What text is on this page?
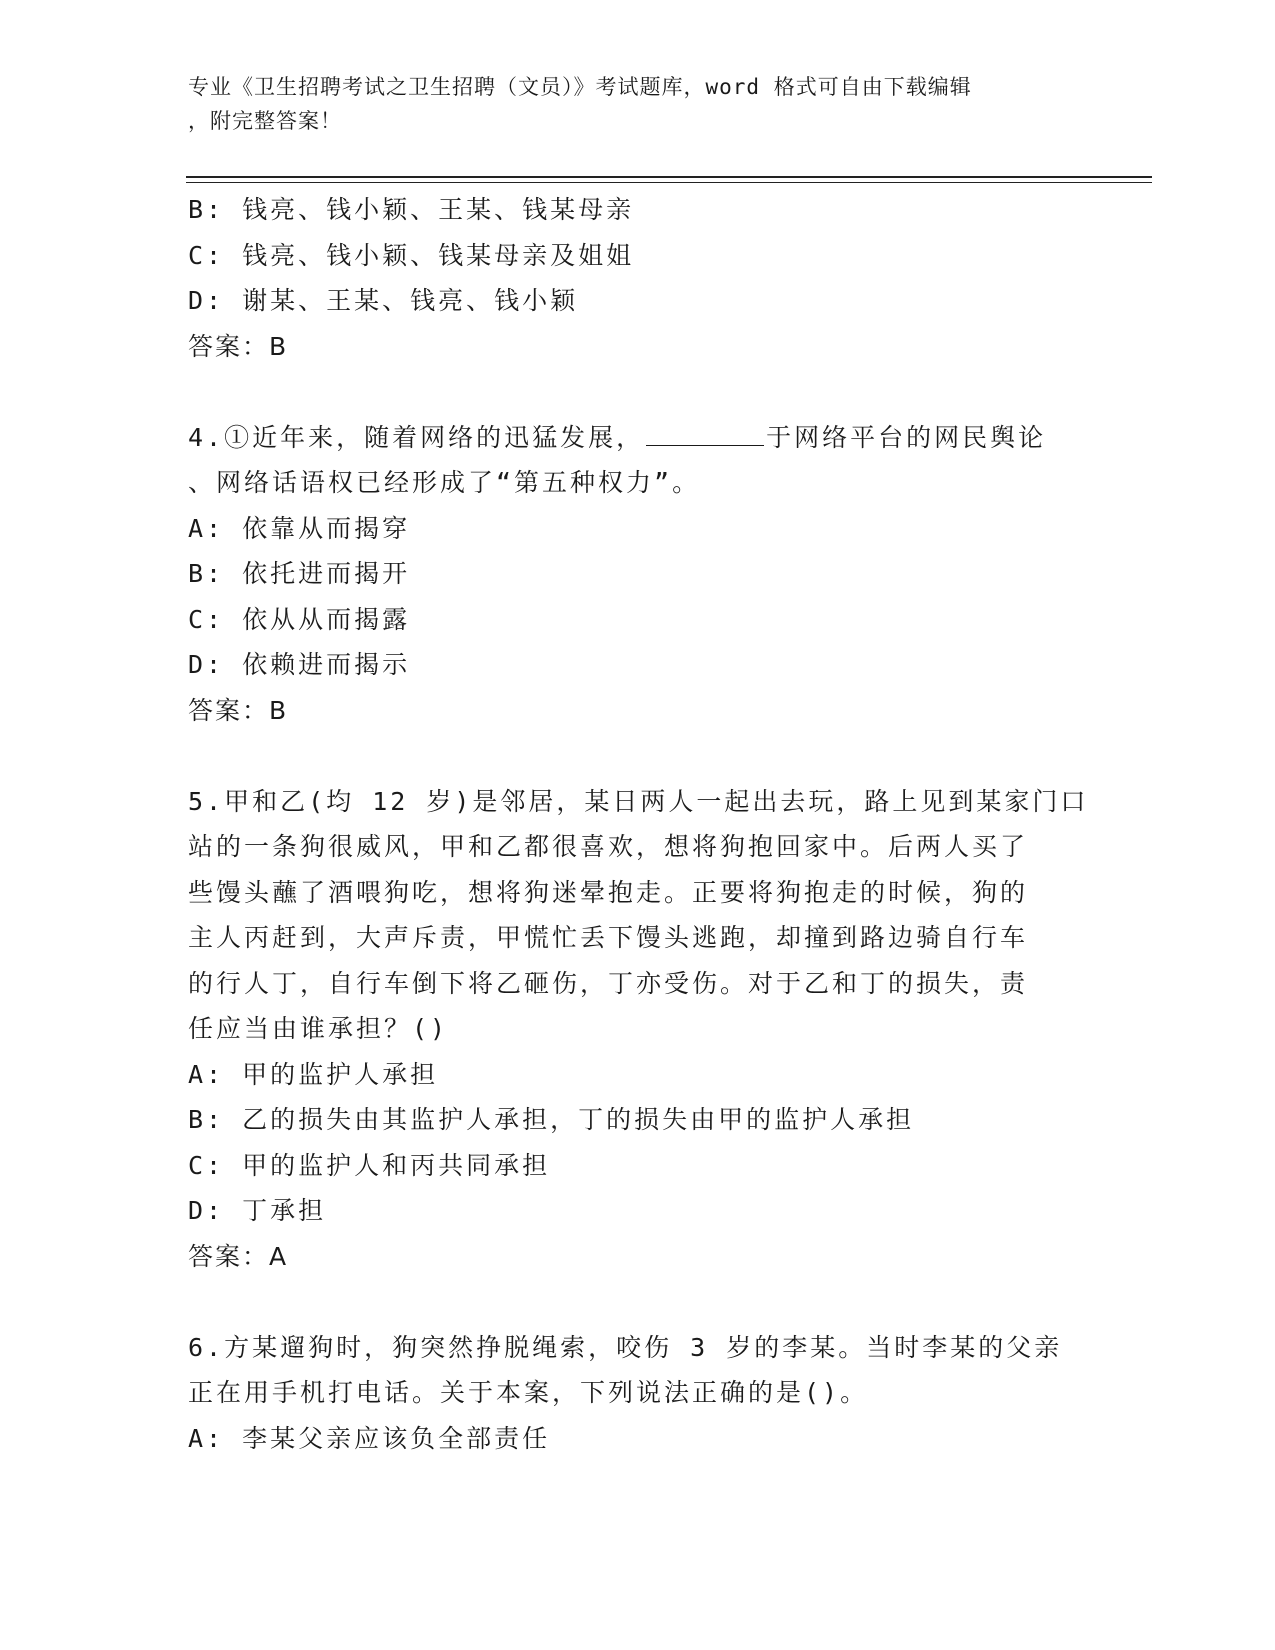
专业《卫生招聘考试之卫生招聘（文员）》考试题库，word 格式可自由下载编辑
，附完整答案！
B: 钱亮、钱小颖、王某、钱某母亲
C: 钱亮、钱小颖、钱某母亲及姐姐
D: 谢某、王某、钱亮、钱小颖
答案：B
4.①近年来，随着网络的迅猛发展，	于网络平台的网民舆论
、网络话语权已经形成了“第五种权力”。
A: 依靠从而揭穿
B: 依托进而揭开
C: 依从从而揭露
D: 依赖进而揭示
答案：B
5.甲和乙(均 12 岁)是邻居，某日两人一起出去玩，路上见到某家门口
站的一条狗很威风，甲和乙都很喜欢，想将狗抱回家中。后两人买了
些馒头蘸了酒喂狗吃，想将狗迷晕抱走。正要将狗抱走的时候，狗的
主人丙赶到，大声斥责，甲慌忙丢下馒头逃跑，却撞到路边骑自行车
的行人丁，自行车倒下将乙砸伤，丁亦受伤。对于乙和丁的损失，责
任应当由谁承担？()
A: 甲的监护人承担
B: 乙的损失由其监护人承担，丁的损失由甲的监护人承担
C: 甲的监护人和丙共同承担
D: 丁承担
答案：A
6.方某遛狗时，狗突然挣脱绳索，咬伤 3 岁的李某。当时李某的父亲
正在用手机打电话。关于本案，下列说法正确的是()。
A: 李某父亲应该负全部责任
